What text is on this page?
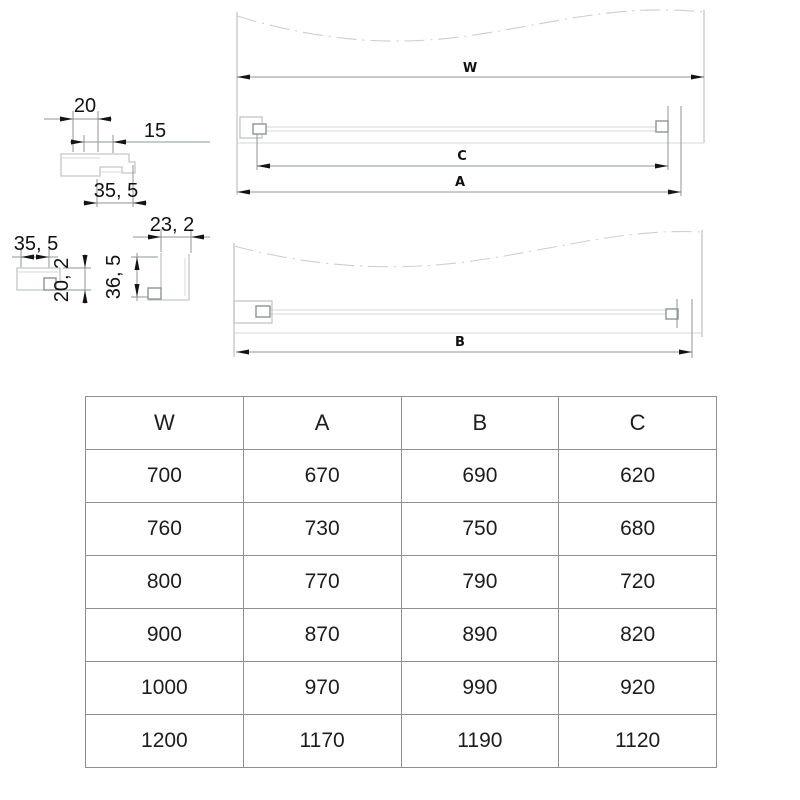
20
15
35, 5
35, 5
20, 2
23, 2
36, 5
W
C
A
B
W	A	B	C
700	670	690	620
760	730	750	680
800	770	790	720
900	870	890	820
1000	970	990	920
1200	1170	1190	1120
